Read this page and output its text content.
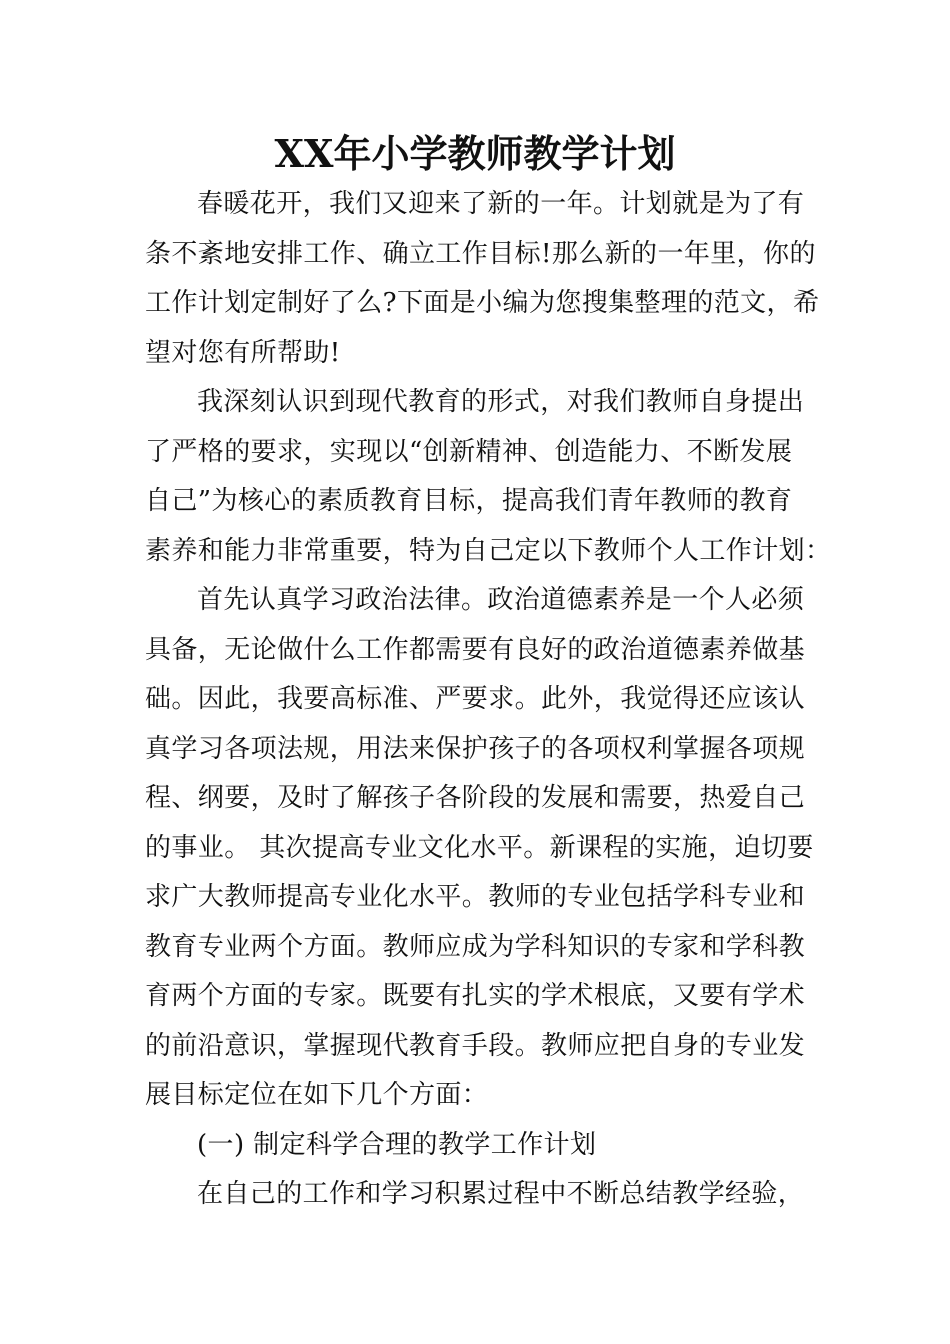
XX年小学教师教学计划
春暖花开，我们又迎来了新的一年。计划就是为了有
条不紊地安排工作、确立工作目标!那么新的一年里，你的
工作计划定制好了么?下面是小编为您搜集整理的范文，希
望对您有所帮助!
我深刻认识到现代教育的形式，对我们教师自身提出
了严格的要求，实现以“创新精神、创造能力、不断发展
自己”为核心的素质教育目标，提高我们青年教师的教育
素养和能力非常重要，特为自己定以下教师个人工作计划：
首先认真学习政治法律。政治道德素养是一个人必须
具备，无论做什么工作都需要有良好的政治道德素养做基
础。因此，我要高标准、严要求。此外，我觉得还应该认
真学习各项法规，用法来保护孩子的各项权利掌握各项规
程、纲要，及时了解孩子各阶段的发展和需要，热爱自己
的事业。 其次提高专业文化水平。新课程的实施，迫切要
求广大教师提高专业化水平。教师的专业包括学科专业和
教育专业两个方面。教师应成为学科知识的专家和学科教
育两个方面的专家。既要有扎实的学术根底，又要有学术
的前沿意识，掌握现代教育手段。教师应把自身的专业发
展目标定位在如下几个方面：
(一) 制定科学合理的教学工作计划
在自己的工作和学习积累过程中不断总结教学经验，
